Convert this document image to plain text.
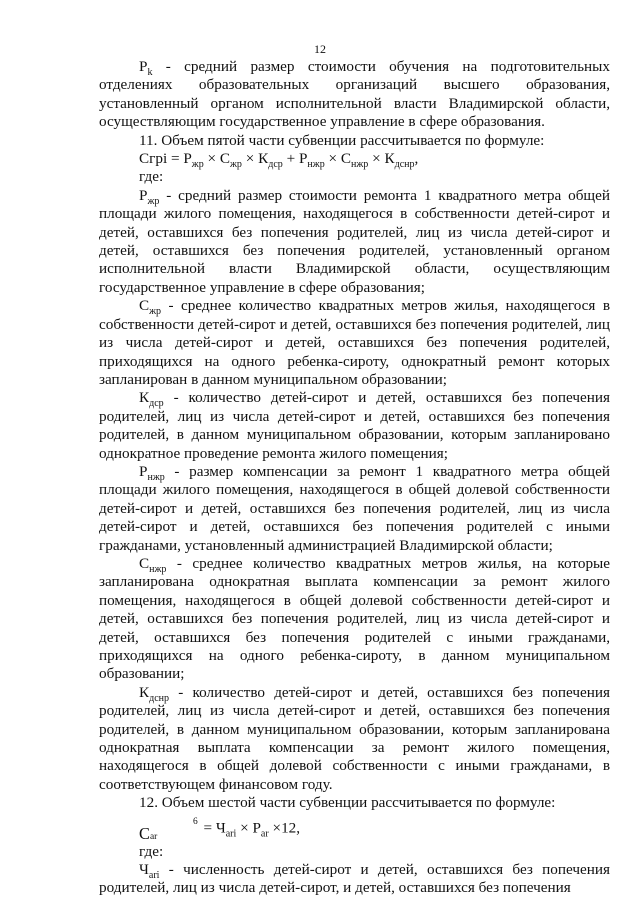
12

$P_k$ - средний размер стоимости обучения на подготовительных отделениях образовательных организаций высшего образования, установленный органом исполнительной власти Владимирской области, осуществляющим государственное управление в сфере образования.

11. Объем пятой части субвенции рассчитывается по формуле:

Сгрi = $Р_{жр} \times С_{жр} \times К_{дср} + Р_{нжр} \times С_{нжр} \times К_{дснр}$,

где:

$Р_{жр}$ - средний размер стоимости ремонта 1 квадратного метра общей площади жилого помещения, находящегося в собственности детей-сирот и детей, оставшихся без попечения родителей, лиц из числа детей-сирот и детей, оставшихся без попечения родителей, установленный органом исполнительной власти Владимирской области, осуществляющим государственное управление в сфере образования;

$С_{жр}$ - среднее количество квадратных метров жилья, находящегося в собственности детей-сирот и детей, оставшихся без попечения родителей, лиц из числа детей-сирот и детей, оставшихся без попечения родителей, приходящихся на одного ребенка-сироту, однократный ремонт которых запланирован в данном муниципальном образовании;

$К_{дср}$ - количество детей-сирот и детей, оставшихся без попечения родителей, лиц из числа детей-сирот и детей, оставшихся без попечения родителей, в данном муниципальном образовании, которым запланировано однократное проведение ремонта жилого помещения;

$Р_{нжр}$ - размер компенсации за ремонт 1 квадратного метра общей площади жилого помещения, находящегося в общей долевой собственности детей-сирот и детей, оставшихся без попечения родителей, лиц из числа детей-сирот и детей, оставшихся без попечения родителей с иными гражданами, установленный администрацией Владимирской области;

$С_{нжр}$ - среднее количество квадратных метров жилья, на которые запланирована однократная выплата компенсации за ремонт жилого помещения, находящегося в общей долевой собственности детей-сирот и детей, оставшихся без попечения родителей, лиц из числа детей-сирот и детей, оставшихся без попечения родителей с иными гражданами, приходящихся на одного ребенка-сироту, в данном муниципальном образовании;

$К_{дснр}$ - количество детей-сирот и детей, оставшихся без попечения родителей, лиц из числа детей-сирот и детей, оставшихся без попечения родителей, в данном муниципальном образовании, которым запланирована однократная выплата компенсации за ремонт жилого помещения, находящегося в общей долевой собственности с иными гражданами, в соответствующем финансовом году.

12. Объем шестой части субвенции рассчитывается по формуле:

6
Сar = $Ч_{ari} \times Р_{ar} \times 12$,

где:

$Ч_{ari}$ - численность детей-сирот и детей, оставшихся без попечения родителей, лиц из числа детей-сирот, и детей, оставшихся без попечения
